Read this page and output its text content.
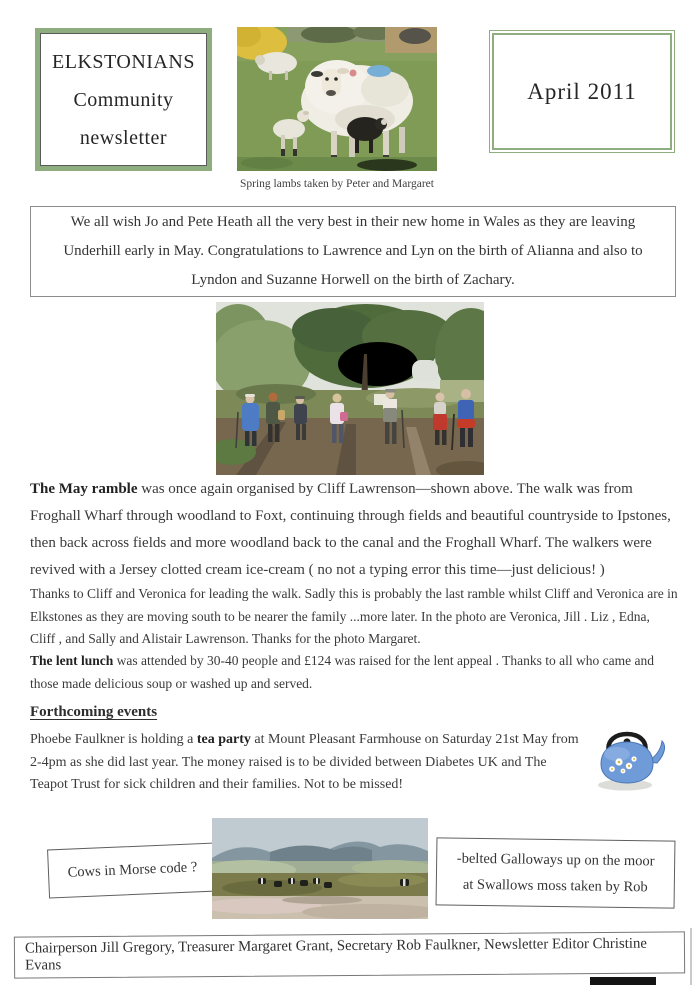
ELKSTONIANS
Community
newsletter
Spring lambs taken by Peter and Margaret
April 2011
We all wish Jo and Pete Heath all the very best in their new home in Wales as they are leaving
Underhill early in May. Congratulations to Lawrence and Lyn on the birth of Alianna and also to
Lyndon and Suzanne Horwell on the birth of Zachary.

The May ramble was once again organised by Cliff Lawrenson—shown above. The walk was from Froghall Wharf through woodland to Foxt, continuing through fields and beautiful countryside to Ipstones, then back across fields and more woodland back to the canal and the Froghall Wharf. The walkers were revived with a Jersey clotted cream ice-cream ( no not a typing error this time—just delicious! )

Thanks to Cliff and Veronica for leading the walk. Sadly this is probably the last ramble whilst Cliff and Veronica are in Elkstones as they are moving south to be nearer the family ...more later. In the photo are Veronica, Jill . Liz , Edna, Cliff , and Sally and Alistair Lawrenson. Thanks for the photo Margaret.

The lent lunch was attended by 30-40 people and £124 was raised for the lent appeal . Thanks to all who came and those made delicious soup or washed up and served.

Forthcoming events

Phoebe Faulkner is holding a tea party at Mount Pleasant Farmhouse on Saturday 21st May from 2-4pm as she did last year. The money raised is to be divided between Diabetes UK and The Teapot Trust for sick children and their families. Not to be missed!

Cows in Morse code ?	-belted Galloways up on the moor
at Swallows moss taken by Rob
Chairperson Jill Gregory, Treasurer Margaret Grant, Secretary Rob Faulkner, Newsletter Editor Christine Evans
